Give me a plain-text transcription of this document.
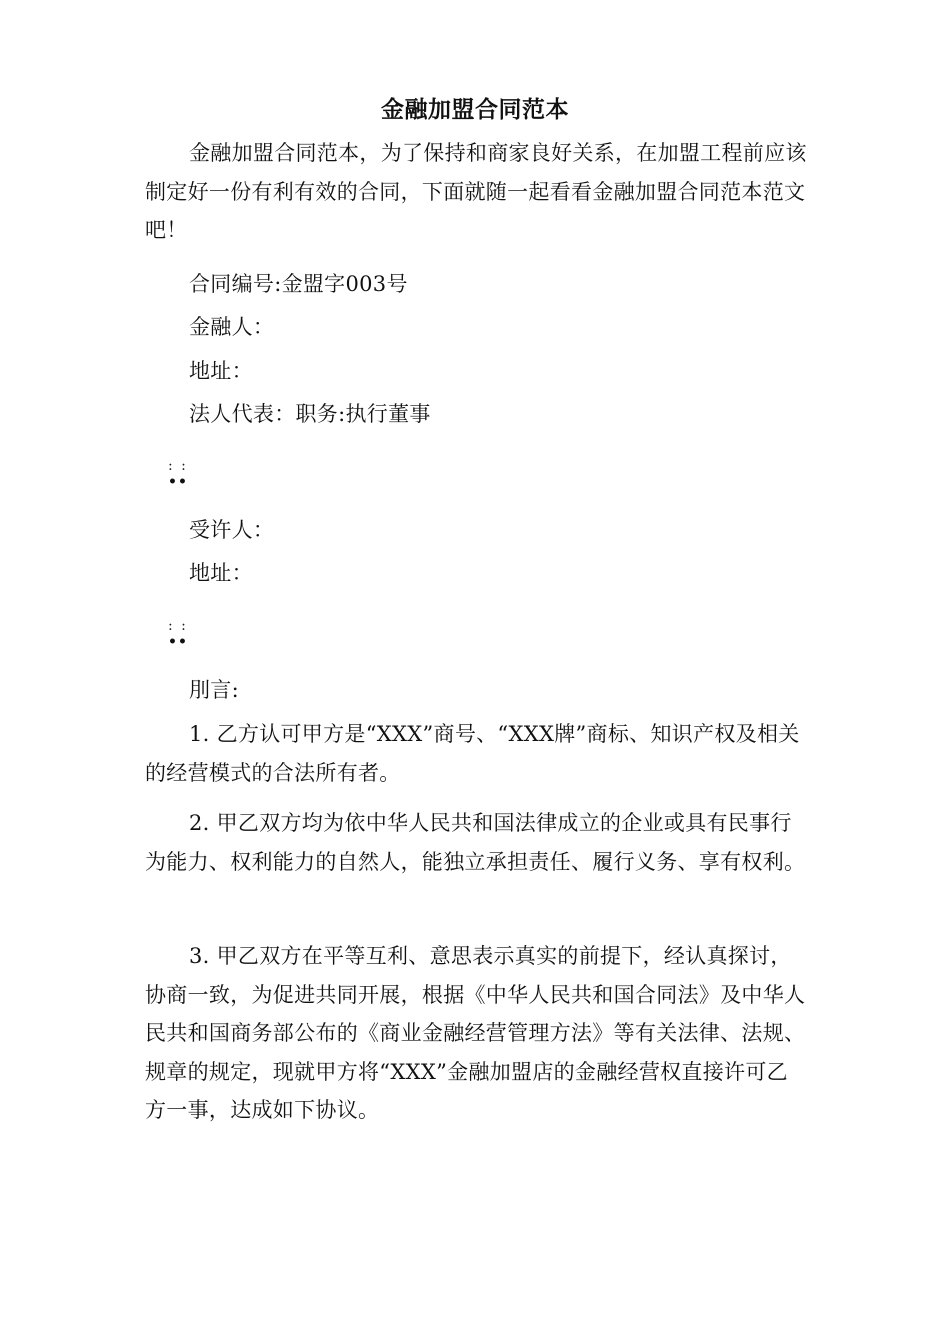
金融加盟合同范本

金融加盟合同范本，为了保持和商家良好关系，在加盟工程前应该制定好一份有利有效的合同，下面就随一起看看金融加盟合同范本范文吧！

合同编号:金盟字003号
金融人：
地址：
法人代表：职务:执行董事
: :
••
受许人：
地址：
: :
••
刖言:

1. 乙方认可甲方是“XXX”商号、“XXX牌”商标、知识产权及相关的经营模式的合法所有者。

2. 甲乙双方均为依中华人民共和国法律成立的企业或具有民事行为能力、权利能力的自然人，能独立承担责任、履行义务、享有权利。

3. 甲乙双方在平等互利、意思表示真实的前提下，经认真探讨，协商一致，为促进共同开展，根据《中华人民共和国合同法》及中华人民共和国商务部公布的《商业金融经营管理方法》等有关法律、法规、规章的规定，现就甲方将“XXX”金融加盟店的金融经营权直接许可乙方一事，达成如下协议。
